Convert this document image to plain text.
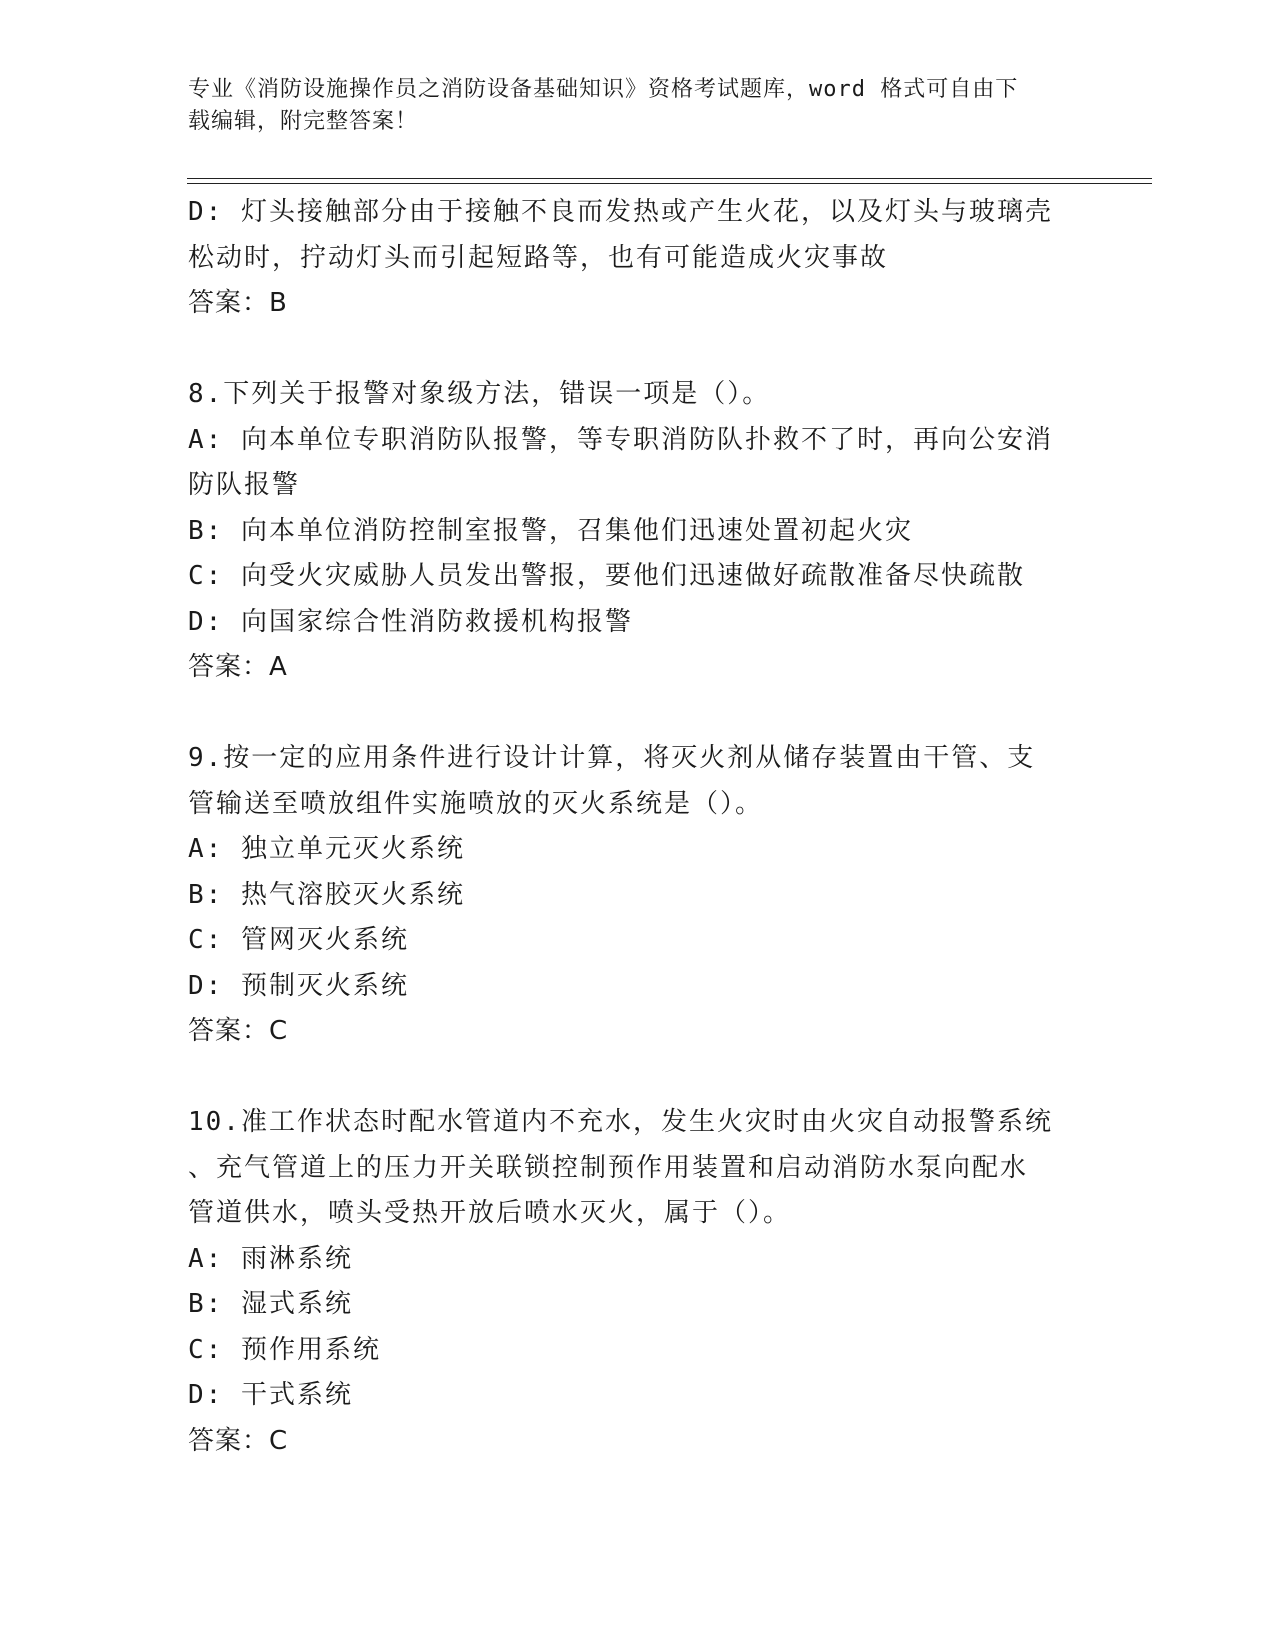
专业《消防设施操作员之消防设备基础知识》资格考试题库，word 格式可自由下
载编辑，附完整答案！
D: 灯头接触部分由于接触不良而发热或产生火花，以及灯头与玻璃壳
松动时，拧动灯头而引起短路等，也有可能造成火灾事故
答案：B
8.下列关于报警对象级方法，错误一项是（）。
A: 向本单位专职消防队报警，等专职消防队扑救不了时，再向公安消
防队报警
B: 向本单位消防控制室报警，召集他们迅速处置初起火灾
C: 向受火灾威胁人员发出警报，要他们迅速做好疏散准备尽快疏散
D: 向国家综合性消防救援机构报警
答案：A
9.按一定的应用条件进行设计计算，将灭火剂从储存装置由干管、支
管输送至喷放组件实施喷放的灭火系统是（）。
A: 独立单元灭火系统
B: 热气溶胶灭火系统
C: 管网灭火系统
D: 预制灭火系统
答案：C
10.准工作状态时配水管道内不充水，发生火灾时由火灾自动报警系统
、充气管道上的压力开关联锁控制预作用装置和启动消防水泵向配水
管道供水，喷头受热开放后喷水灭火，属于（）。
A: 雨淋系统
B: 湿式系统
C: 预作用系统
D: 干式系统
答案：C
